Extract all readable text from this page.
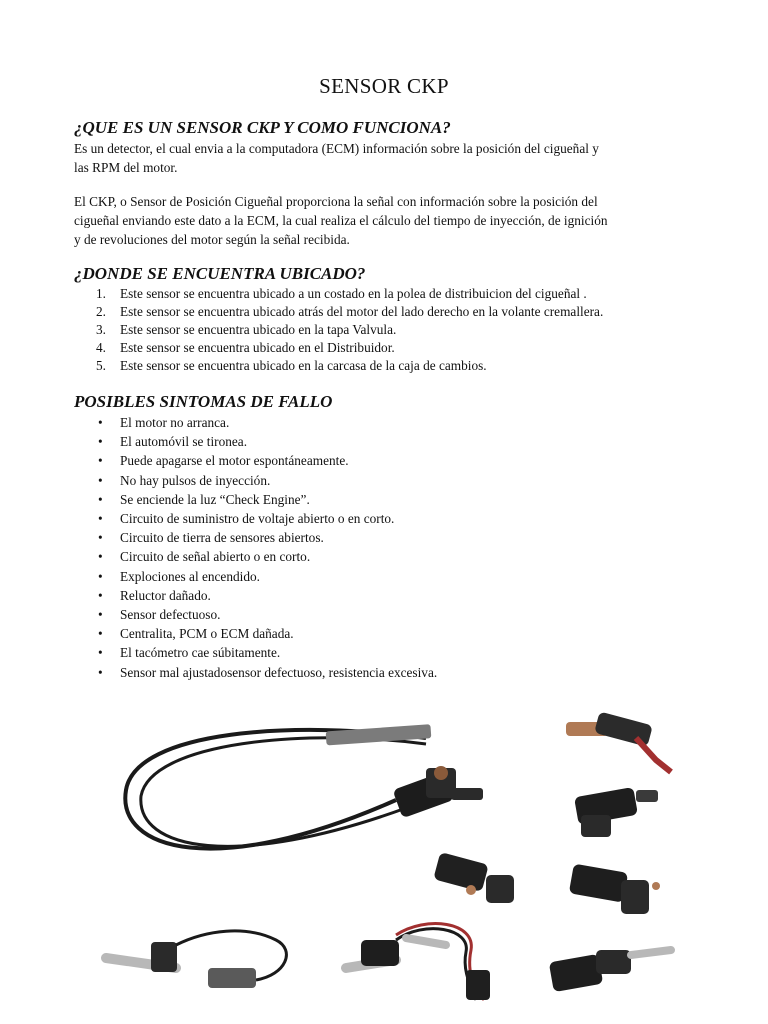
SENSOR CKP
¿QUE ES UN SENSOR CKP Y COMO FUNCIONA?

Es un detector, el cual envia a la computadora (ECM) información sobre la posición del cigueñal y
las RPM del motor.

El CKP, o Sensor de Posición Cigueñal proporciona la señal con información sobre la posición del
cigueñal enviando este dato a la ECM, la cual realiza el cálculo del tiempo de inyección, de ignición
y de revoluciones del motor según la señal recibida.

¿DONDE SE ENCUENTRA UBICADO?
1. Este sensor se encuentra ubicado a un costado en la polea de distribuicion del cigueñal .
2. Este sensor se encuentra ubicado atrás del motor del lado derecho en la volante cremallera.
3. Este sensor se encuentra ubicado en la tapa Valvula.
4. Este sensor se encuentra ubicado en el Distribuidor.
5. Este sensor se encuentra ubicado en la carcasa de la caja de cambios.
POSIBLES SINTOMAS DE FALLO
• El motor no arranca.
• El automóvil se tironea.
• Puede apagarse el motor espontáneamente.
• No hay pulsos de inyección.
• Se enciende la luz “Check Engine”.
• Circuito de suministro de voltaje abierto o en corto.
• Circuito de tierra de sensores abiertos.
• Circuito de señal abierto o en corto.
• Explociones al encendido.
• Reluctor dañado.
• Sensor defectuoso.
• Centralita, PCM o ECM dañada.
• El tacómetro cae súbitamente.
• Sensor mal ajustadosensor defectuoso, resistencia excesiva.
